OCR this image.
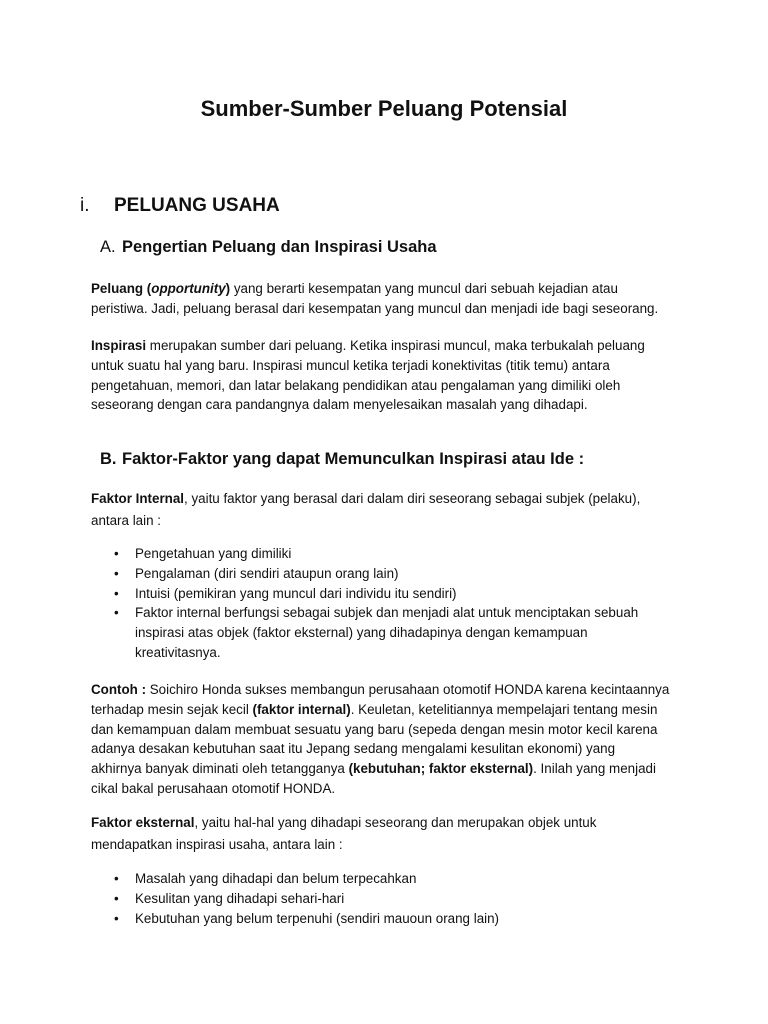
Sumber-Sumber Peluang Potensial
i. PELUANG USAHA
A. Pengertian Peluang dan Inspirasi Usaha
Peluang (opportunity) yang berarti kesempatan yang muncul dari sebuah kejadian atau
peristiwa. Jadi, peluang berasal dari kesempatan yang muncul dan menjadi ide bagi seseorang.
Inspirasi merupakan sumber dari peluang. Ketika inspirasi muncul, maka terbukalah peluang
untuk suatu hal yang baru. Inspirasi muncul ketika terjadi konektivitas (titik temu) antara
pengetahuan, memori, dan latar belakang pendidikan atau pengalaman yang dimiliki oleh
seseorang dengan cara pandangnya dalam menyelesaikan masalah yang dihadapi.
B. Faktor-Faktor yang dapat Memunculkan Inspirasi atau Ide :
Faktor Internal, yaitu faktor yang berasal dari dalam diri seseorang sebagai subjek (pelaku),
antara lain :
• Pengetahuan yang dimiliki
• Pengalaman (diri sendiri ataupun orang lain)
• Intuisi (pemikiran yang muncul dari individu itu sendiri)
• Faktor internal berfungsi sebagai subjek dan menjadi alat untuk menciptakan sebuah
inspirasi atas objek (faktor eksternal) yang dihadapinya dengan kemampuan
kreativitasnya.
Contoh : Soichiro Honda sukses membangun perusahaan otomotif HONDA karena kecintaannya
terhadap mesin sejak kecil (faktor internal). Keuletan, ketelitiannya mempelajari tentang mesin
dan kemampuan dalam membuat sesuatu yang baru (sepeda dengan mesin motor kecil karena
adanya desakan kebutuhan saat itu Jepang sedang mengalami kesulitan ekonomi) yang
akhirnya banyak diminati oleh tetangganya (kebutuhan; faktor eksternal). Inilah yang menjadi
cikal bakal perusahaan otomotif HONDA.
Faktor eksternal, yaitu hal-hal yang dihadapi seseorang dan merupakan objek untuk
mendapatkan inspirasi usaha, antara lain :
• Masalah yang dihadapi dan belum terpecahkan
• Kesulitan yang dihadapi sehari-hari
• Kebutuhan yang belum terpenuhi (sendiri mauoun orang lain)
